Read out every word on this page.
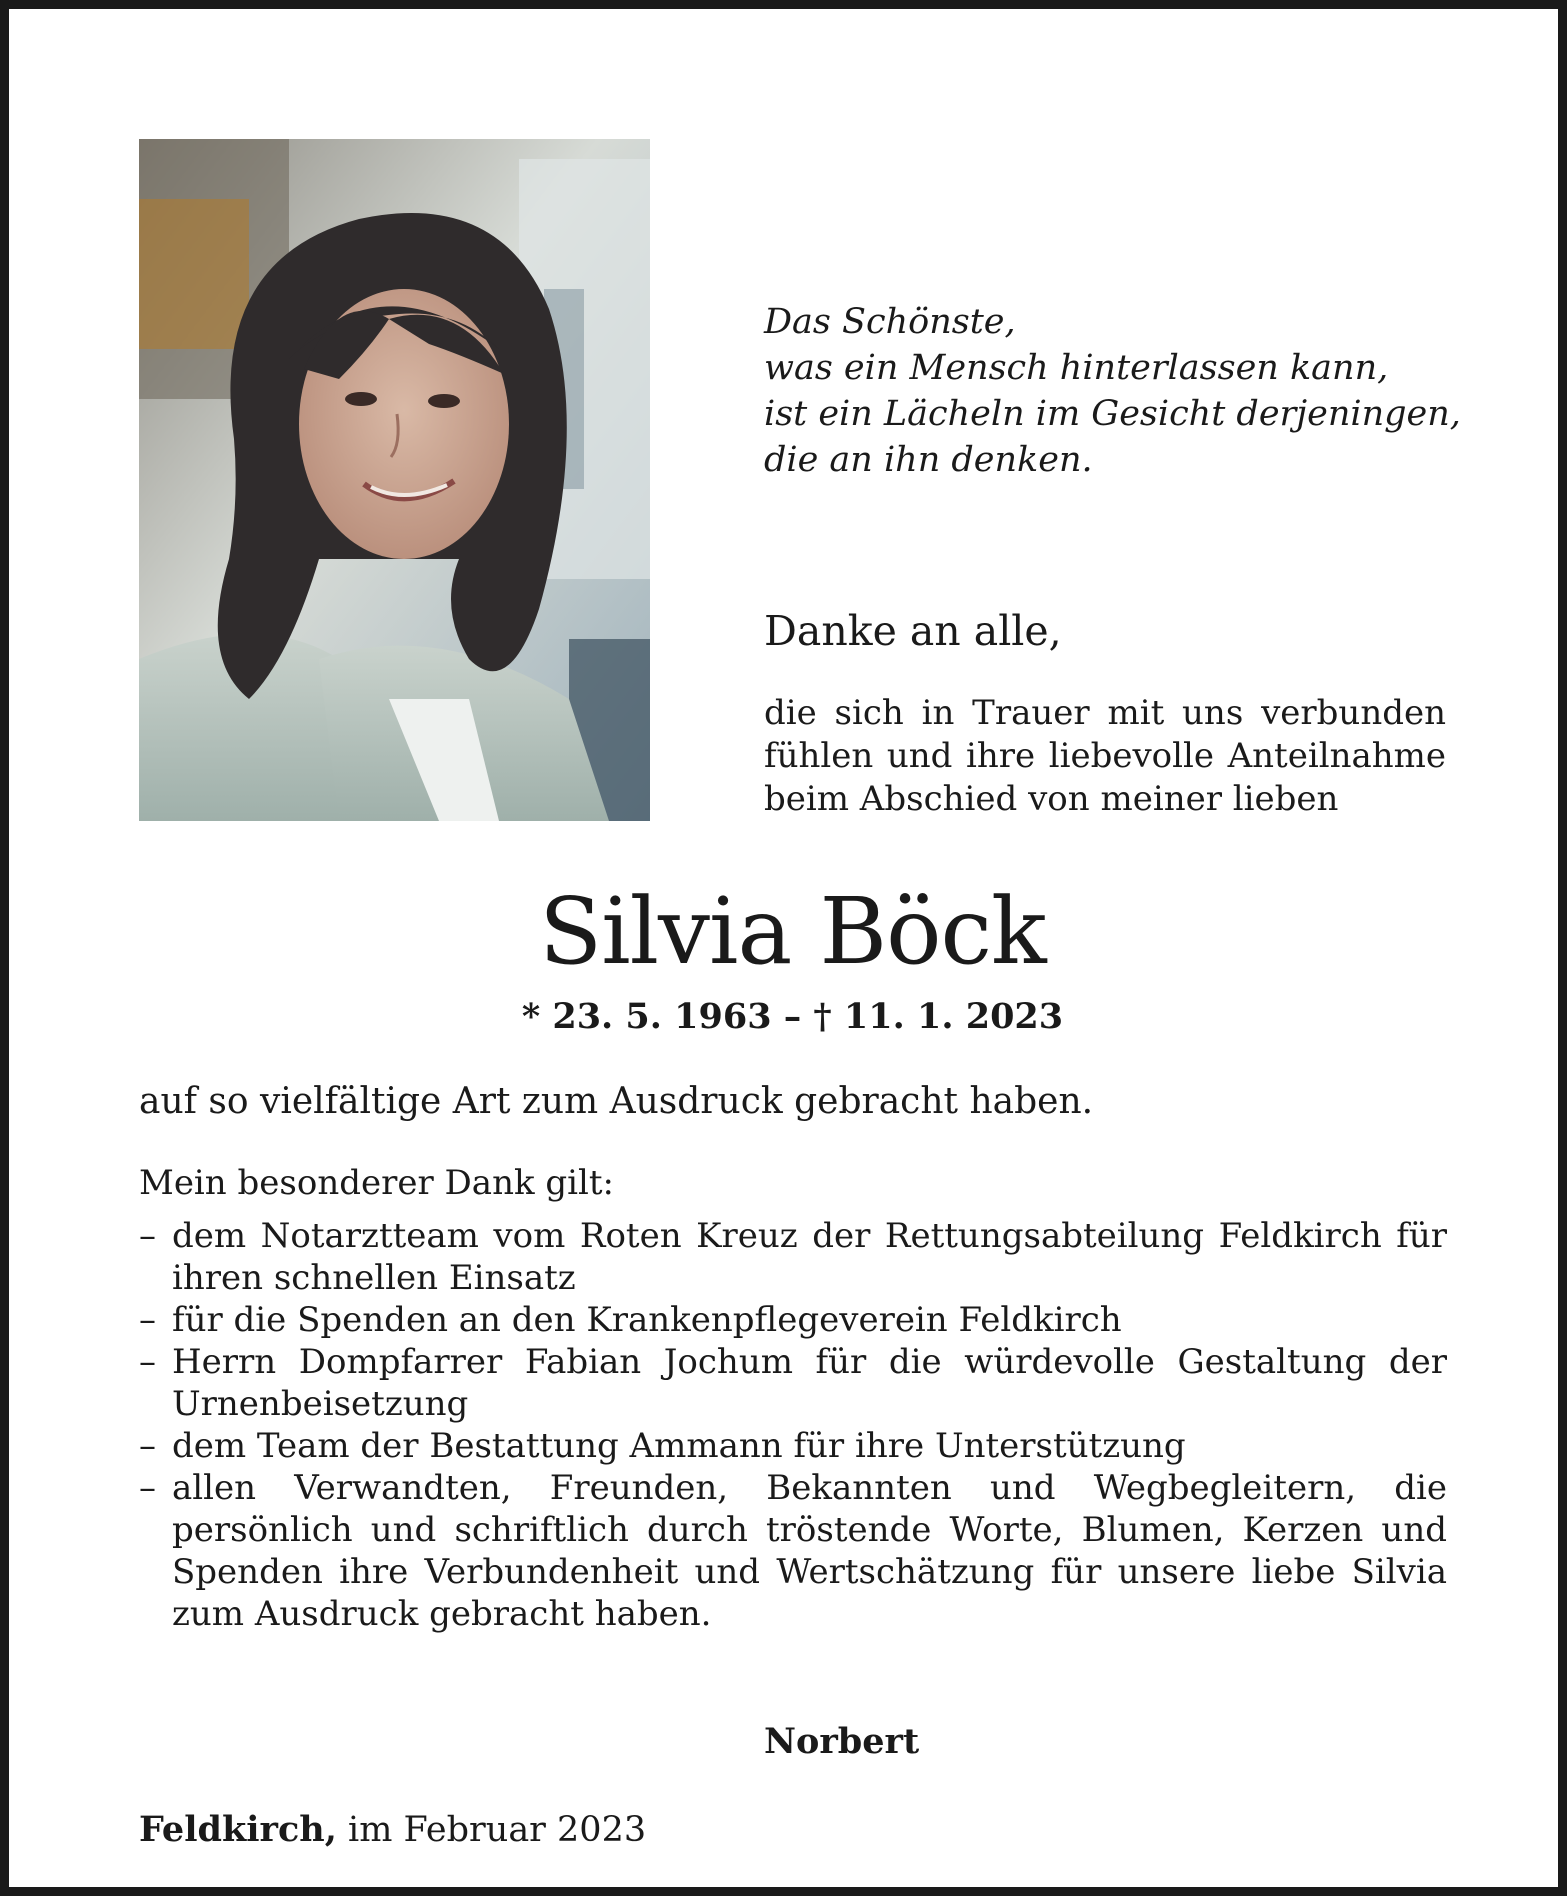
Das Schönste,
was ein Mensch hinterlassen kann,
ist ein Lächeln im Gesicht derjeningen,
die an ihn denken.
Danke an alle,
die sich in Trauer mit uns verbunden
fühlen und ihre liebevolle Anteilnahme
beim Abschied von meiner lieben
Silvia Böck

* 23. 5. 1963 – † 11. 1. 2023

auf so vielfältige Art zum Ausdruck gebracht haben.

Mein besonderer Dank gilt:

– dem Notarztteam vom Roten Kreuz der Rettungsabteilung Feldkirch für
ihren schnellen Einsatz
– für die Spenden an den Krankenpflegeverein Feldkirch
– Herrn Dompfarrer Fabian Jochum für die würdevolle Gestaltung der
Urnenbeisetzung
– dem Team der Bestattung Ammann für ihre Unterstützung
– allen Verwandten, Freunden, Bekannten und Wegbegleitern, die
persönlich und schriftlich durch tröstende Worte, Blumen, Kerzen und
Spenden ihre Verbundenheit und Wertschätzung für unsere liebe Silvia
zum Ausdruck gebracht haben.

Norbert

Feldkirch, im Februar 2023
